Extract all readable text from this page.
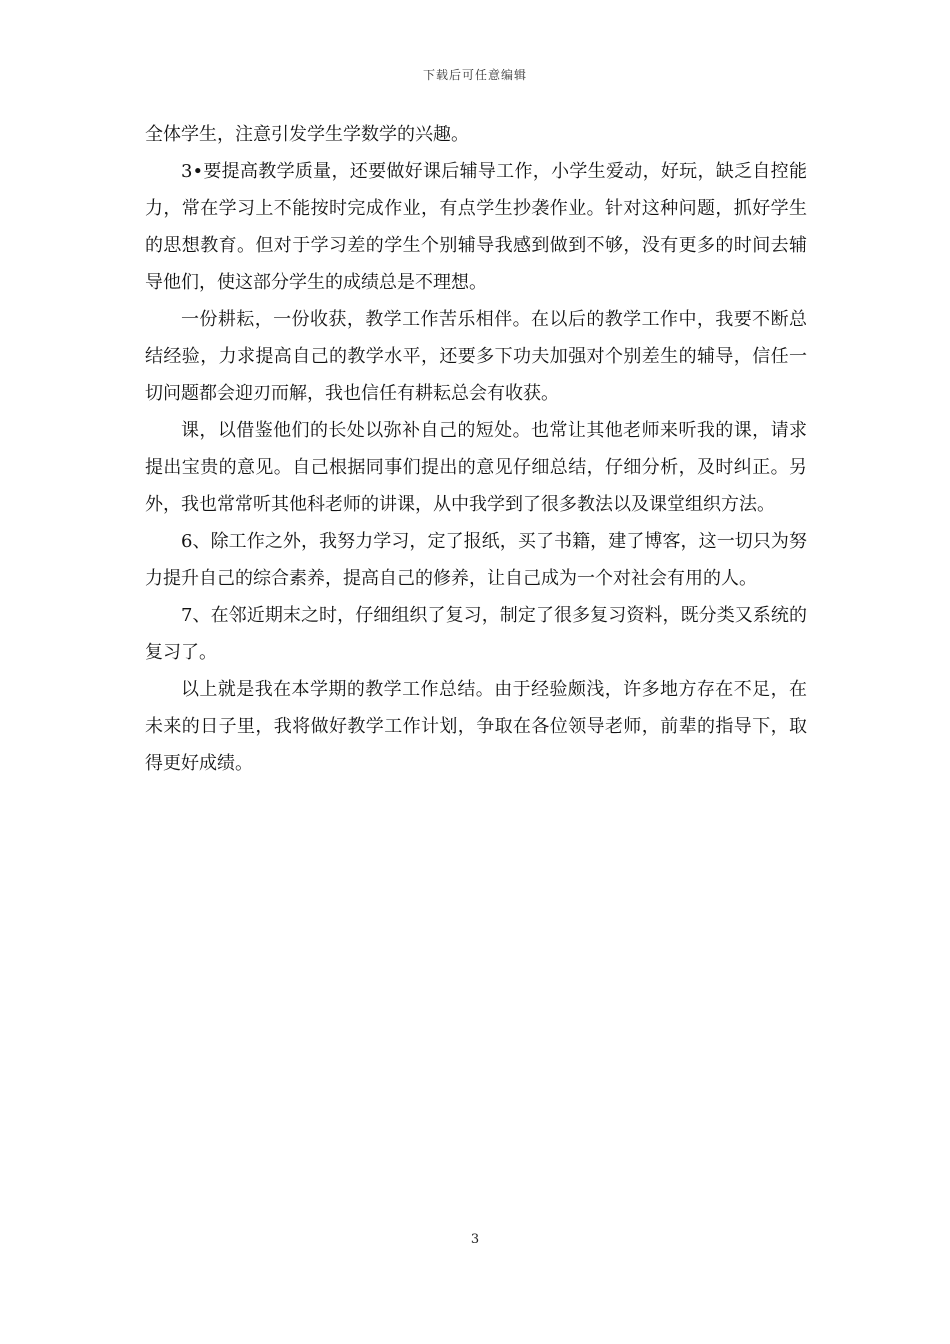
下载后可任意编辑

全体学生，注意引发学生学数学的兴趣。

3•要提高教学质量，还要做好课后辅导工作，小学生爱动，好玩，缺乏自控能力，常在学习上不能按时完成作业，有点学生抄袭作业。针对这种问题，抓好学生的思想教育。但对于学习差的学生个别辅导我感到做到不够，没有更多的时间去辅导他们，使这部分学生的成绩总是不理想。

一份耕耘，一份收获，教学工作苦乐相伴。在以后的教学工作中，我要不断总结经验，力求提高自己的教学水平，还要多下功夫加强对个别差生的辅导，信任一切问题都会迎刃而解，我也信任有耕耘总会有收获。

课，以借鉴他们的长处以弥补自己的短处。也常让其他老师来听我的课，请求提出宝贵的意见。自己根据同事们提出的意见仔细总结，仔细分析，及时纠正。另外，我也常常听其他科老师的讲课，从中我学到了很多教法以及课堂组织方法。

6、除工作之外，我努力学习，定了报纸，买了书籍，建了博客，这一切只为努力提升自己的综合素养，提高自己的修养，让自己成为一个对社会有用的人。

7、在邻近期末之时，仔细组织了复习，制定了很多复习资料，既分类又系统的复习了。

以上就是我在本学期的教学工作总结。由于经验颇浅，许多地方存在不足，在未来的日子里，我将做好教学工作计划，争取在各位领导老师，前辈的指导下，取得更好成绩。

3
